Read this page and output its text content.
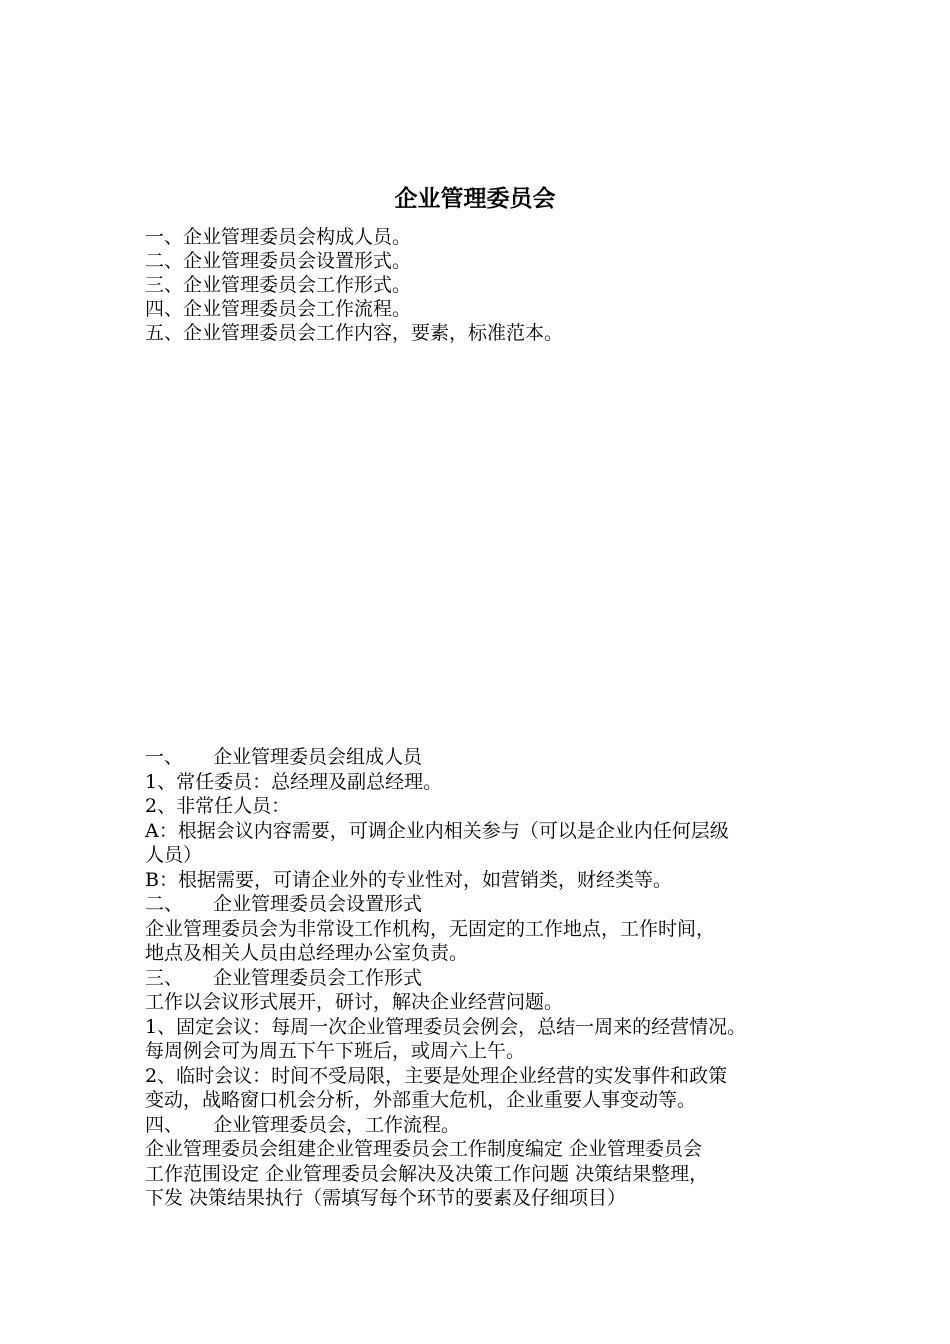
企业管理委员会
一、企业管理委员会构成人员。
二、企业管理委员会设置形式。
三、企业管理委员会工作形式。
四、企业管理委员会工作流程。
五、企业管理委员会工作内容，要素，标准范本。

一、 企业管理委员会组成人员

1、常任委员：总经理及副总经理。

2、非常任人员：

A：根据会议内容需要，可调企业内相关参与（可以是企业内任何层级

人员）

B：根据需要，可请企业外的专业性对，如营销类，财经类等。

二、 企业管理委员会设置形式

企业管理委员会为非常设工作机构，无固定的工作地点，工作时间，

地点及相关人员由总经理办公室负责。

三、 企业管理委员会工作形式

工作以会议形式展开，研讨，解决企业经营问题。

1、固定会议：每周一次企业管理委员会例会，总结一周来的经营情况。

每周例会可为周五下午下班后，或周六上午。

2、临时会议：时间不受局限，主要是处理企业经营的实发事件和政策

变动，战略窗口机会分析，外部重大危机，企业重要人事变动等。

四、 企业管理委员会，工作流程。

企业管理委员会组建企业管理委员会工作制度编定 企业管理委员会

工作范围设定 企业管理委员会解决及决策工作问题 决策结果整理，

下发 决策结果执行（需填写每个环节的要素及仔细项目）
